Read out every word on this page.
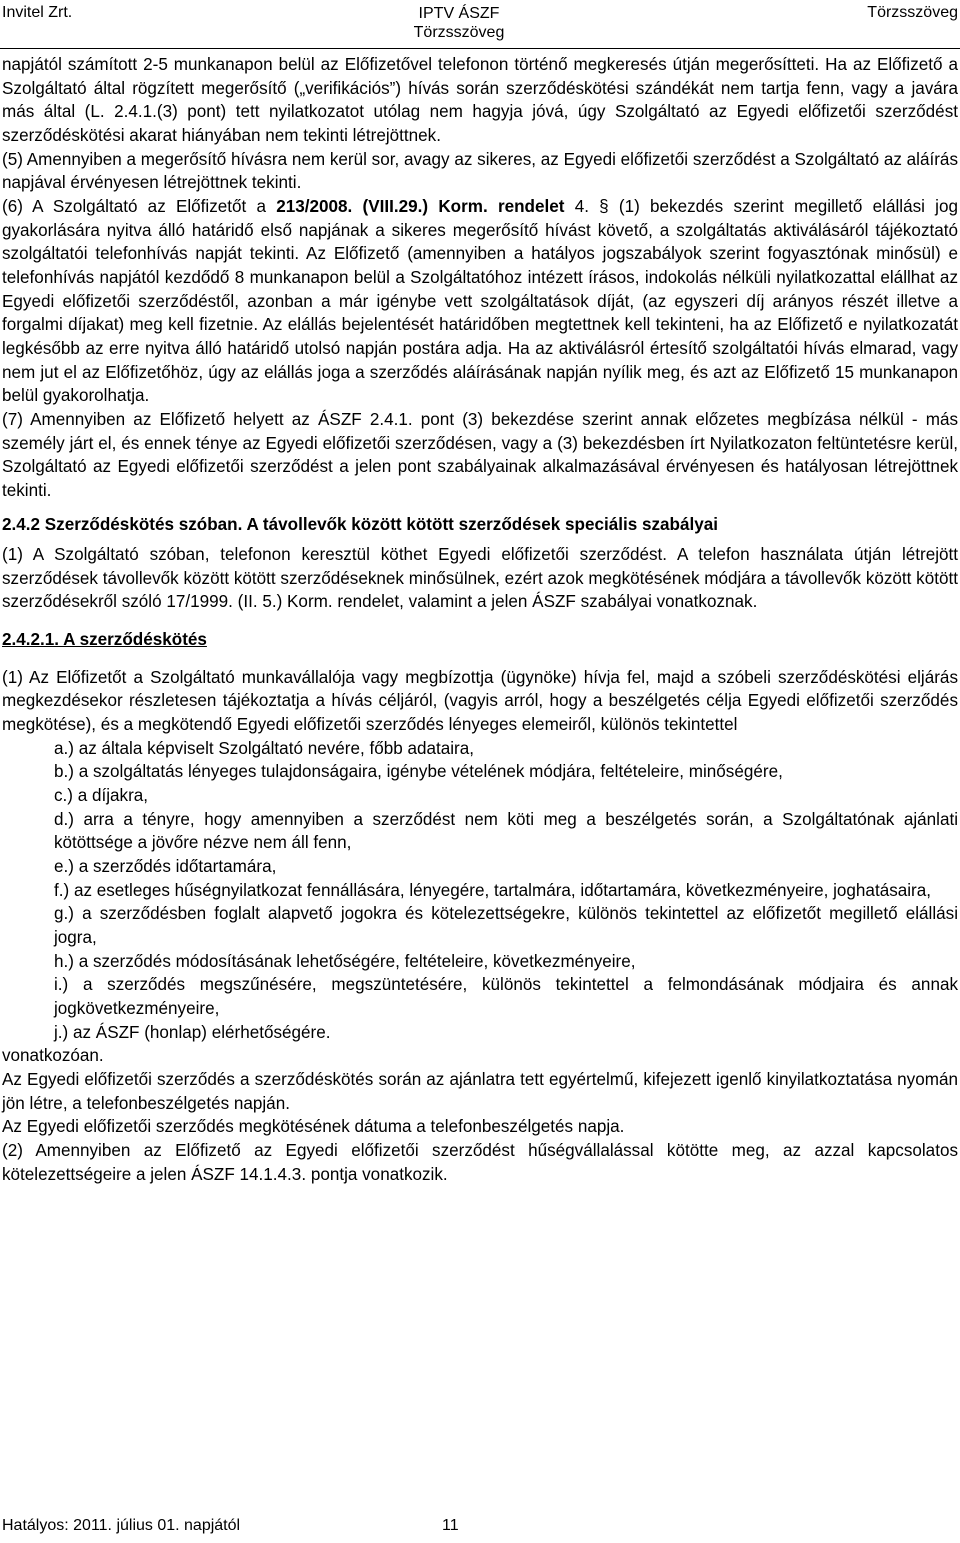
Invitel Zrt.	IPTV ÁSZF
Törzsszöveg
Törzsszöveg

napjától számított 2-5 munkanapon belül az Előfizetővel telefonon történő megkeresés útján megerősítteti. Ha az Előfizető a Szolgáltató által rögzített megerősítő („verifikációs”) hívás során szerződéskötési szándékát nem tartja fenn, vagy a javára más által (L. 2.4.1.(3) pont) tett nyilatkozatot utólag nem hagyja jóvá, úgy Szolgáltató az Egyedi előfizetői szerződést szerződéskötési akarat hiányában nem tekinti létrejöttnek.

(5) Amennyiben a megerősítő hívásra nem kerül sor, avagy az sikeres, az Egyedi előfizetői szerződést a Szolgáltató az aláírás napjával érvényesen létrejöttnek tekinti.

(6) A Szolgáltató az Előfizetőt a 213/2008. (VIII.29.) Korm. rendelet 4. § (1) bekezdés szerint megillető elállási jog gyakorlására nyitva álló határidő első napjának a sikeres megerősítő hívást követő, a szolgáltatás aktiválásáról tájékoztató szolgáltatói telefonhívás napját tekinti. Az Előfizető (amennyiben a hatályos jogszabályok szerint fogyasztónak minősül) e telefonhívás napjától kezdődő 8 munkanapon belül a Szolgáltatóhoz intézett írásos, indokolás nélküli nyilatkozattal elállhat az Egyedi előfizetői szerződéstől, azonban a már igénybe vett szolgáltatások díját, (az egyszeri díj arányos részét illetve a forgalmi díjakat) meg kell fizetnie. Az elállás bejelentését határidőben megtettnek kell tekinteni, ha az Előfizető e nyilatkozatát legkésőbb az erre nyitva álló határidő utolsó napján postára adja. Ha az aktiválásról értesítő szolgáltatói hívás elmarad, vagy nem jut el az Előfizetőhöz, úgy az elállás joga a szerződés aláírásának napján nyílik meg, és azt az Előfizető 15 munkanapon belül gyakorolhatja.

(7) Amennyiben az Előfizető helyett az ÁSZF 2.4.1. pont (3) bekezdése szerint annak előzetes megbízása nélkül - más személy járt el, és ennek ténye az Egyedi előfizetői szerződésen, vagy a (3) bekezdésben írt Nyilatkozaton feltüntetésre kerül, Szolgáltató az Egyedi előfizetői szerződést a jelen pont szabályainak alkalmazásával érvényesen és hatályosan létrejöttnek tekinti.

2.4.2 Szerződéskötés szóban. A távollevők között kötött szerződések speciális szabályai

(1) A Szolgáltató szóban, telefonon keresztül köthet Egyedi előfizetői szerződést. A telefon használata útján létrejött szerződések távollevők között kötött szerződéseknek minősülnek, ezért azok megkötésének módjára a távollevők között kötött szerződésekről szóló 17/1999. (II. 5.) Korm. rendelet, valamint a jelen ÁSZF szabályai vonatkoznak.

2.4.2.1. A szerződéskötés

(1) Az Előfizetőt a Szolgáltató munkavállalója vagy megbízottja (ügynöke) hívja fel, majd a szóbeli szerződéskötési eljárás megkezdésekor részletesen tájékoztatja a hívás céljáról, (vagyis arról, hogy a beszélgetés célja Egyedi előfizetői szerződés megkötése), és a megkötendő Egyedi előfizetői szerződés lényeges elemeiről, különös tekintettel

a.) az általa képviselt Szolgáltató nevére, főbb adataira,
b.) a szolgáltatás lényeges tulajdonságaira, igénybe vételének módjára, feltételeire, minőségére,
c.) a díjakra,
d.) arra a tényre, hogy amennyiben a szerződést nem köti meg a beszélgetés során, a Szolgáltatónak ajánlati kötöttsége a jövőre nézve nem áll fenn,
e.) a szerződés időtartamára,
f.) az esetleges hűségnyilatkozat fennállására, lényegére, tartalmára, időtartamára, következményeire, joghatásaira,
g.) a szerződésben foglalt alapvető jogokra és kötelezettségekre, különös tekintettel az előfizetőt megillető elállási jogra,
h.) a szerződés módosításának lehetőségére, feltételeire, következményeire,
i.) a szerződés megszűnésére, megszüntetésére, különös tekintettel a felmondásának módjaira és annak jogkövetkezményeire,
j.) az ÁSZF (honlap) elérhetőségére.

vonatkozóan.

Az Egyedi előfizetői szerződés a szerződéskötés során az ajánlatra tett egyértelmű, kifejezett igenlő kinyilatkoztatása nyomán jön létre, a telefonbeszélgetés napján.

Az Egyedi előfizetői szerződés megkötésének dátuma a telefonbeszélgetés napja.

(2) Amennyiben az Előfizető az Egyedi előfizetői szerződést hűségvállalással kötötte meg, az azzal kapcsolatos kötelezettségeire a jelen ÁSZF 14.1.4.3. pontja vonatkozik.

Hatályos: 2011. július 01. napjától	11
